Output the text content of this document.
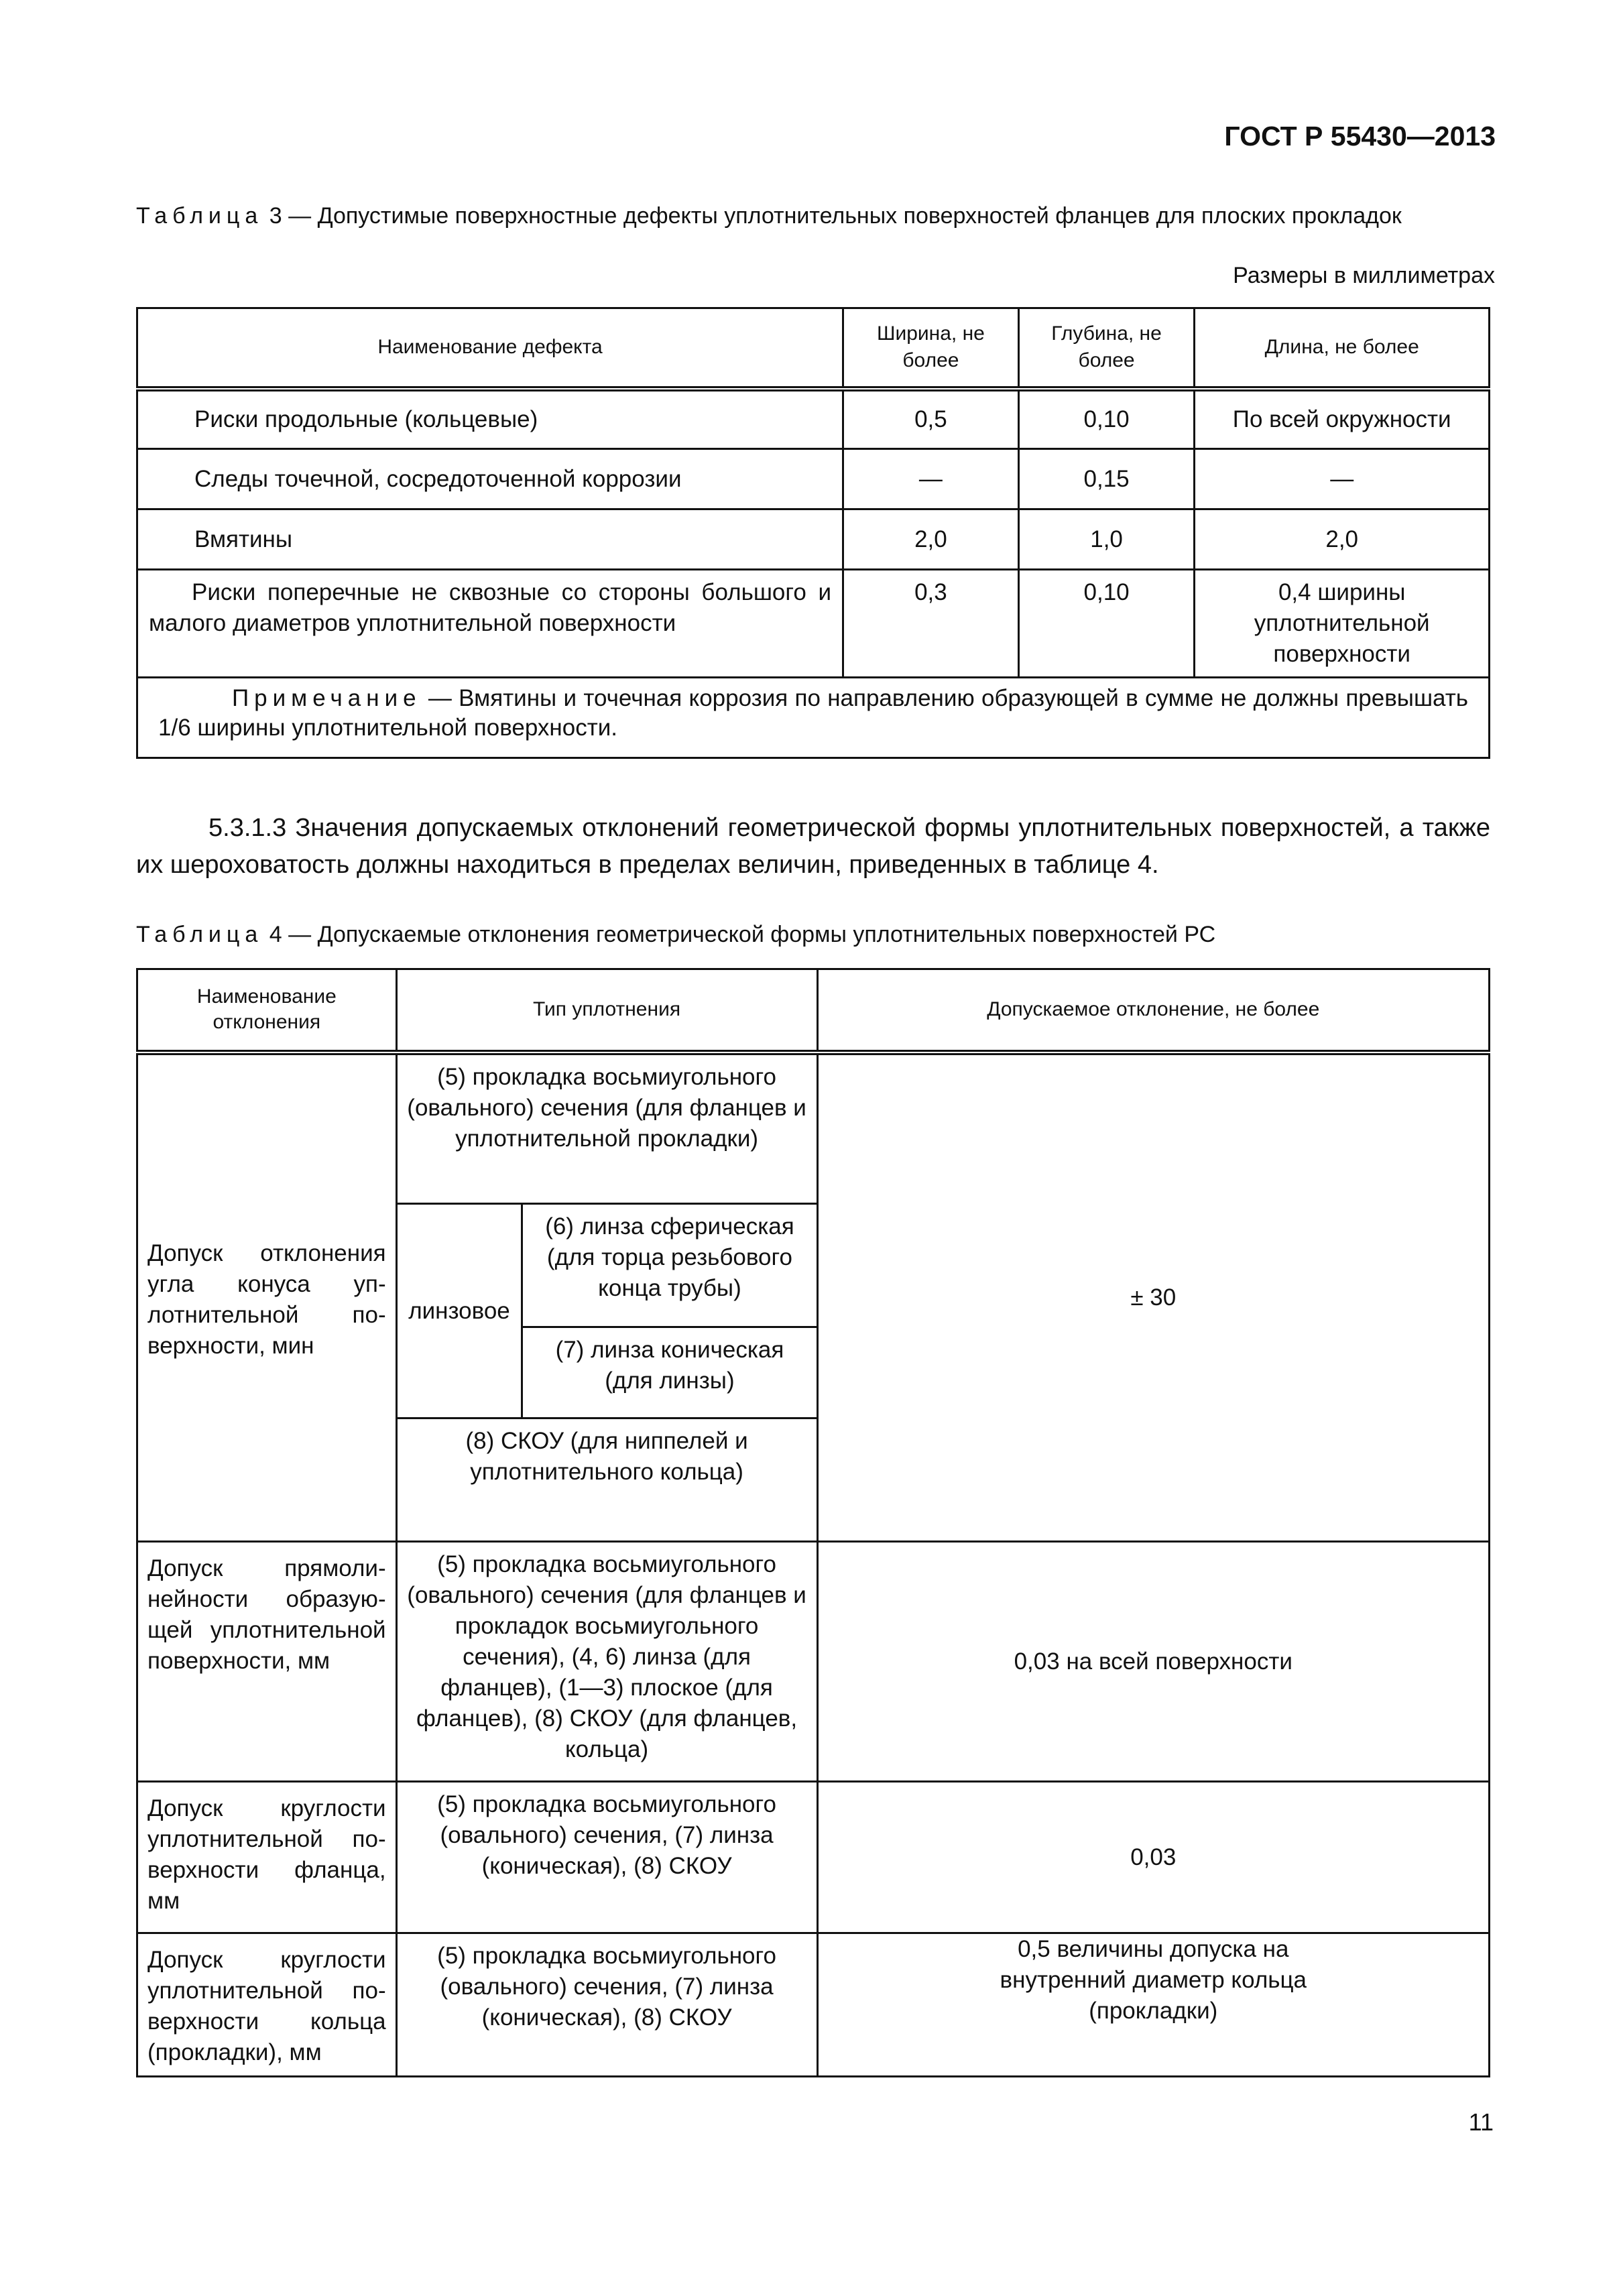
ГОСТ Р 55430—2013
Таблица 3 — Допустимые поверхностные дефекты уплотнительных поверхностей фланцев для плоских прокладок
Размеры в миллиметрах
Наименование дефекта	Ширина, не более	Глубина, не более	Длина, не более
Риски продольные (кольцевые)	0,5	0,10	По всей окружности
Следы точечной, сосредоточенной коррозии	—	0,15	—
Вмятины	2,0	1,0	2,0
Риски поперечные не сквозные со стороны большого и малого диаметров уплотнительной поверхности	0,3	0,10	0,4 ширины уплотнительной поверхности
Примечание — Вмятины и точечная коррозия по направлению образующей в сумме не должны превышать 1/6 ширины уплотнительной поверхности.			
5.3.1.3 Значения допускаемых отклонений геометрической формы уплотнительных поверхностей, а также их шероховатость должны находиться в пределах величин, приведенных в таблице 4.
Таблица 4 — Допускаемые отклонения геометрической формы уплотнительных поверхностей РС
Наименование отклонения	Тип уплотнения		Допускаемое отклонение, не более
Допуск отклонения угла конуса уплотнительной поверхности, мин	(5) прокладка восьмиугольного (овального) сечения (для фланцев и уплотнительной прокладки)		± 30
	линзовое	(6) линза сферическая (для торца резьбового конца трубы)	
		(7) линза коническая (для линзы)	
	(8) СКОУ (для ниппелей и уплотнительного кольца)		
Допуск прямолинейности образующей уплотнительной поверхности, мм	(5) прокладка восьмиугольного (овального) сечения (для фланцев и прокладок восьмиугольного сечения), (4, 6) линза (для фланцев), (1—3) плоское (для фланцев), (8) СКОУ (для фланцев, кольца)		0,03 на всей поверхности
Допуск круглости уплотнительной поверхности фланца, мм	(5) прокладка восьмиугольного (овального) сечения, (7) линза (коническая), (8) СКОУ		0,03
Допуск круглости уплотнительной поверхности кольца (прокладки), мм	(5) прокладка восьмиугольного (овального) сечения, (7) линза (коническая), (8) СКОУ		0,5 величины допуска на внутренний диаметр кольца (прокладки)
11
